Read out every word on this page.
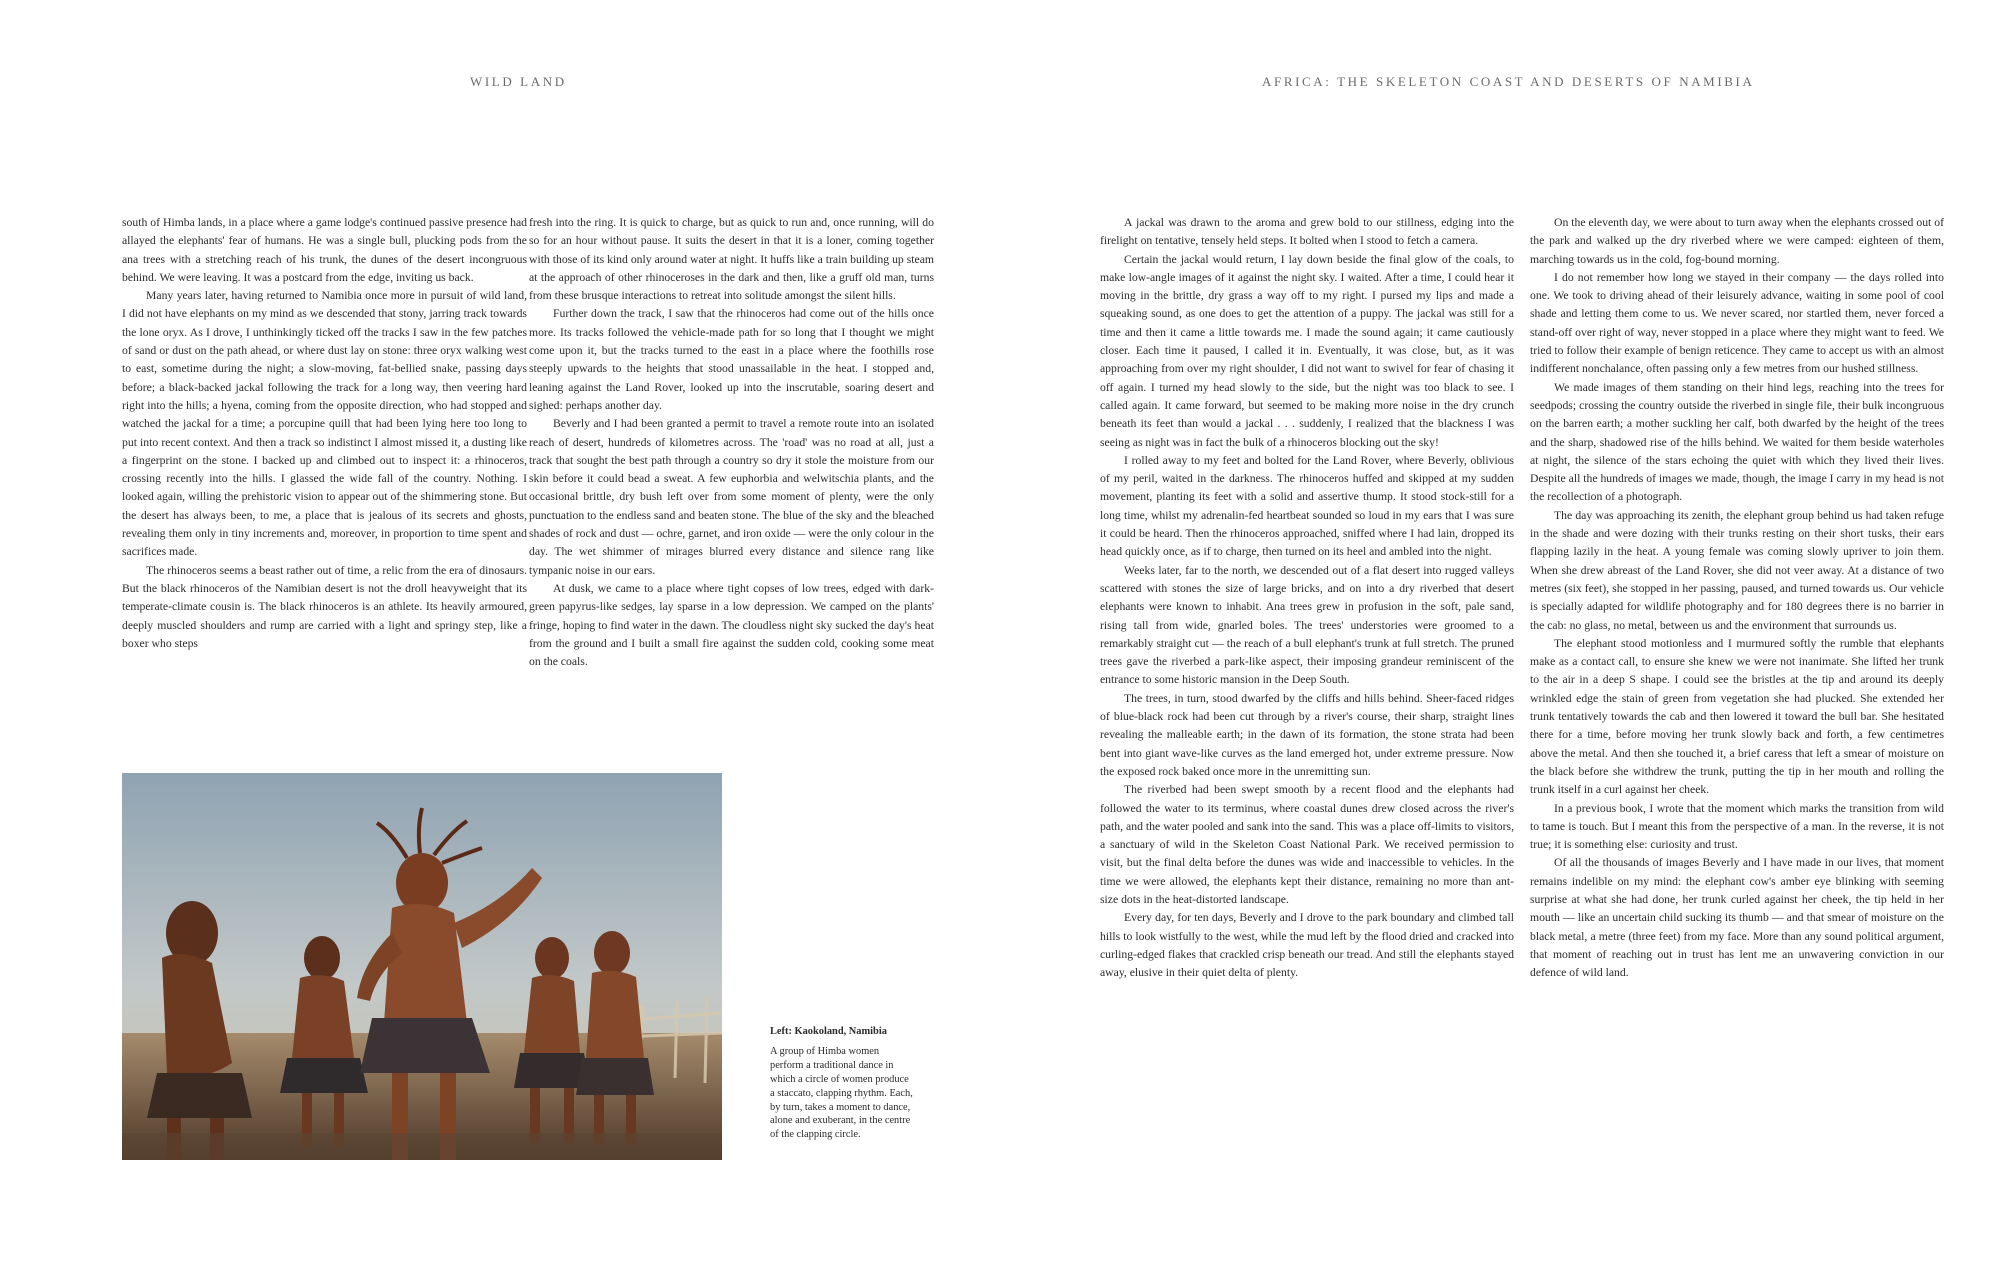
WILD LAND	AFRICA: THE SKELETON COAST AND DESERTS OF NAMIBIA

south of Himba lands, in a place where a game lodge's continued passive presence had allayed the elephants' fear of humans. He was a single bull, plucking pods from the ana trees with a stretching reach of his trunk, the dunes of the desert incongruous behind. We were leaving. It was a postcard from the edge, inviting us back.

Many years later, having returned to Namibia once more in pursuit of wild land, I did not have elephants on my mind as we descended that stony, jarring track towards the lone oryx. As I drove, I unthinkingly ticked off the tracks I saw in the few patches of sand or dust on the path ahead, or where dust lay on stone: three oryx walking west to east, sometime during the night; a slow-moving, fat-bellied snake, passing days before; a black-backed jackal following the track for a long way, then veering hard right into the hills; a hyena, coming from the opposite direction, who had stopped and watched the jackal for a time; a porcupine quill that had been lying here too long to put into recent context. And then a track so indistinct I almost missed it, a dusting like a fingerprint on the stone. I backed up and climbed out to inspect it: a rhinoceros, crossing recently into the hills. I glassed the wide fall of the country. Nothing. I looked again, willing the prehistoric vision to appear out of the shimmering stone. But the desert has always been, to me, a place that is jealous of its secrets and ghosts, revealing them only in tiny increments and, moreover, in proportion to time spent and sacrifices made.

The rhinoceros seems a beast rather out of time, a relic from the era of dinosaurs. But the black rhinoceros of the Namibian desert is not the droll heavyweight that its temperate-climate cousin is. The black rhinoceros is an athlete. Its heavily armoured, deeply muscled shoulders and rump are carried with a light and springy step, like a boxer who steps

fresh into the ring. It is quick to charge, but as quick to run and, once running, will do so for an hour without pause. It suits the desert in that it is a loner, coming together with those of its kind only around water at night. It huffs like a train building up steam at the approach of other rhinoceroses in the dark and then, like a gruff old man, turns from these brusque interactions to retreat into solitude amongst the silent hills.

Further down the track, I saw that the rhinoceros had come out of the hills once more. Its tracks followed the vehicle-made path for so long that I thought we might come upon it, but the tracks turned to the east in a place where the foothills rose steeply upwards to the heights that stood unassailable in the heat. I stopped and, leaning against the Land Rover, looked up into the inscrutable, soaring desert and sighed: perhaps another day.

Beverly and I had been granted a permit to travel a remote route into an isolated reach of desert, hundreds of kilometres across. The 'road' was no road at all, just a track that sought the best path through a country so dry it stole the moisture from our skin before it could bead a sweat. A few euphorbia and welwitschia plants, and the occasional brittle, dry bush left over from some moment of plenty, were the only punctuation to the endless sand and beaten stone. The blue of the sky and the bleached shades of rock and dust — ochre, garnet, and iron oxide — were the only colour in the day. The wet shimmer of mirages blurred every distance and silence rang like tympanic noise in our ears.

At dusk, we came to a place where tight copses of low trees, edged with dark-green papyrus-like sedges, lay sparse in a low depression. We camped on the plants' fringe, hoping to find water in the dawn. The cloudless night sky sucked the day's heat from the ground and I built a small fire against the sudden cold, cooking some meat on the coals.

A jackal was drawn to the aroma and grew bold to our stillness, edging into the firelight on tentative, tensely held steps. It bolted when I stood to fetch a camera.

Certain the jackal would return, I lay down beside the final glow of the coals, to make low-angle images of it against the night sky. I waited. After a time, I could hear it moving in the brittle, dry grass a way off to my right. I pursed my lips and made a squeaking sound, as one does to get the attention of a puppy. The jackal was still for a time and then it came a little towards me. I made the sound again; it came cautiously closer. Each time it paused, I called it in. Eventually, it was close, but, as it was approaching from over my right shoulder, I did not want to swivel for fear of chasing it off again. I turned my head slowly to the side, but the night was too black to see. I called again. It came forward, but seemed to be making more noise in the dry crunch beneath its feet than would a jackal . . . suddenly, I realized that the blackness I was seeing as night was in fact the bulk of a rhinoceros blocking out the sky!

I rolled away to my feet and bolted for the Land Rover, where Beverly, oblivious of my peril, waited in the darkness. The rhinoceros huffed and skipped at my sudden movement, planting its feet with a solid and assertive thump. It stood stock-still for a long time, whilst my adrenalin-fed heartbeat sounded so loud in my ears that I was sure it could be heard. Then the rhinoceros approached, sniffed where I had lain, dropped its head quickly once, as if to charge, then turned on its heel and ambled into the night.

Weeks later, far to the north, we descended out of a flat desert into rugged valleys scattered with stones the size of large bricks, and on into a dry riverbed that desert elephants were known to inhabit. Ana trees grew in profusion in the soft, pale sand, rising tall from wide, gnarled boles. The trees' understories were groomed to a remarkably straight cut — the reach of a bull elephant's trunk at full stretch. The pruned trees gave the riverbed a park-like aspect, their imposing grandeur reminiscent of the entrance to some historic mansion in the Deep South.

The trees, in turn, stood dwarfed by the cliffs and hills behind. Sheer-faced ridges of blue-black rock had been cut through by a river's course, their sharp, straight lines revealing the malleable earth; in the dawn of its formation, the stone strata had been bent into giant wave-like curves as the land emerged hot, under extreme pressure. Now the exposed rock baked once more in the unremitting sun.

The riverbed had been swept smooth by a recent flood and the elephants had followed the water to its terminus, where coastal dunes drew closed across the river's path, and the water pooled and sank into the sand. This was a place off-limits to visitors, a sanctuary of wild in the Skeleton Coast National Park. We received permission to visit, but the final delta before the dunes was wide and inaccessible to vehicles. In the time we were allowed, the elephants kept their distance, remaining no more than ant-size dots in the heat-distorted landscape.

Every day, for ten days, Beverly and I drove to the park boundary and climbed tall hills to look wistfully to the west, while the mud left by the flood dried and cracked into curling-edged flakes that crackled crisp beneath our tread. And still the elephants stayed away, elusive in their quiet delta of plenty.

On the eleventh day, we were about to turn away when the elephants crossed out of the park and walked up the dry riverbed where we were camped: eighteen of them, marching towards us in the cold, fog-bound morning.

I do not remember how long we stayed in their company — the days rolled into one. We took to driving ahead of their leisurely advance, waiting in some pool of cool shade and letting them come to us. We never scared, nor startled them, never forced a stand-off over right of way, never stopped in a place where they might want to feed. We tried to follow their example of benign reticence. They came to accept us with an almost indifferent nonchalance, often passing only a few metres from our hushed stillness.

We made images of them standing on their hind legs, reaching into the trees for seedpods; crossing the country outside the riverbed in single file, their bulk incongruous on the barren earth; a mother suckling her calf, both dwarfed by the height of the trees and the sharp, shadowed rise of the hills behind. We waited for them beside waterholes at night, the silence of the stars echoing the quiet with which they lived their lives. Despite all the hundreds of images we made, though, the image I carry in my head is not the recollection of a photograph.

The day was approaching its zenith, the elephant group behind us had taken refuge in the shade and were dozing with their trunks resting on their short tusks, their ears flapping lazily in the heat. A young female was coming slowly upriver to join them. When she drew abreast of the Land Rover, she did not veer away. At a distance of two metres (six feet), she stopped in her passing, paused, and turned towards us. Our vehicle is specially adapted for wildlife photography and for 180 degrees there is no barrier in the cab: no glass, no metal, between us and the environment that surrounds us.

The elephant stood motionless and I murmured softly the rumble that elephants make as a contact call, to ensure she knew we were not inanimate. She lifted her trunk to the air in a deep S shape. I could see the bristles at the tip and around its deeply wrinkled edge the stain of green from vegetation she had plucked. She extended her trunk tentatively towards the cab and then lowered it toward the bull bar. She hesitated there for a time, before moving her trunk slowly back and forth, a few centimetres above the metal. And then she touched it, a brief caress that left a smear of moisture on the black before she withdrew the trunk, putting the tip in her mouth and rolling the trunk itself in a curl against her cheek.

In a previous book, I wrote that the moment which marks the transition from wild to tame is touch. But I meant this from the perspective of a man. In the reverse, it is not true; it is something else: curiosity and trust.

Of all the thousands of images Beverly and I have made in our lives, that moment remains indelible on my mind: the elephant cow's amber eye blinking with seeming surprise at what she had done, her trunk curled against her cheek, the tip held in her mouth — like an uncertain child sucking its thumb — and that smear of moisture on the black metal, a metre (three feet) from my face. More than any sound political argument, that moment of reaching out in trust has lent me an unwavering conviction in our defence of wild land.

Left: Kaokoland, Namibia
A group of Himba women perform a traditional dance in which a circle of women produce a staccato, clapping rhythm. Each, by turn, takes a moment to dance, alone and exuberant, in the centre of the clapping circle.
